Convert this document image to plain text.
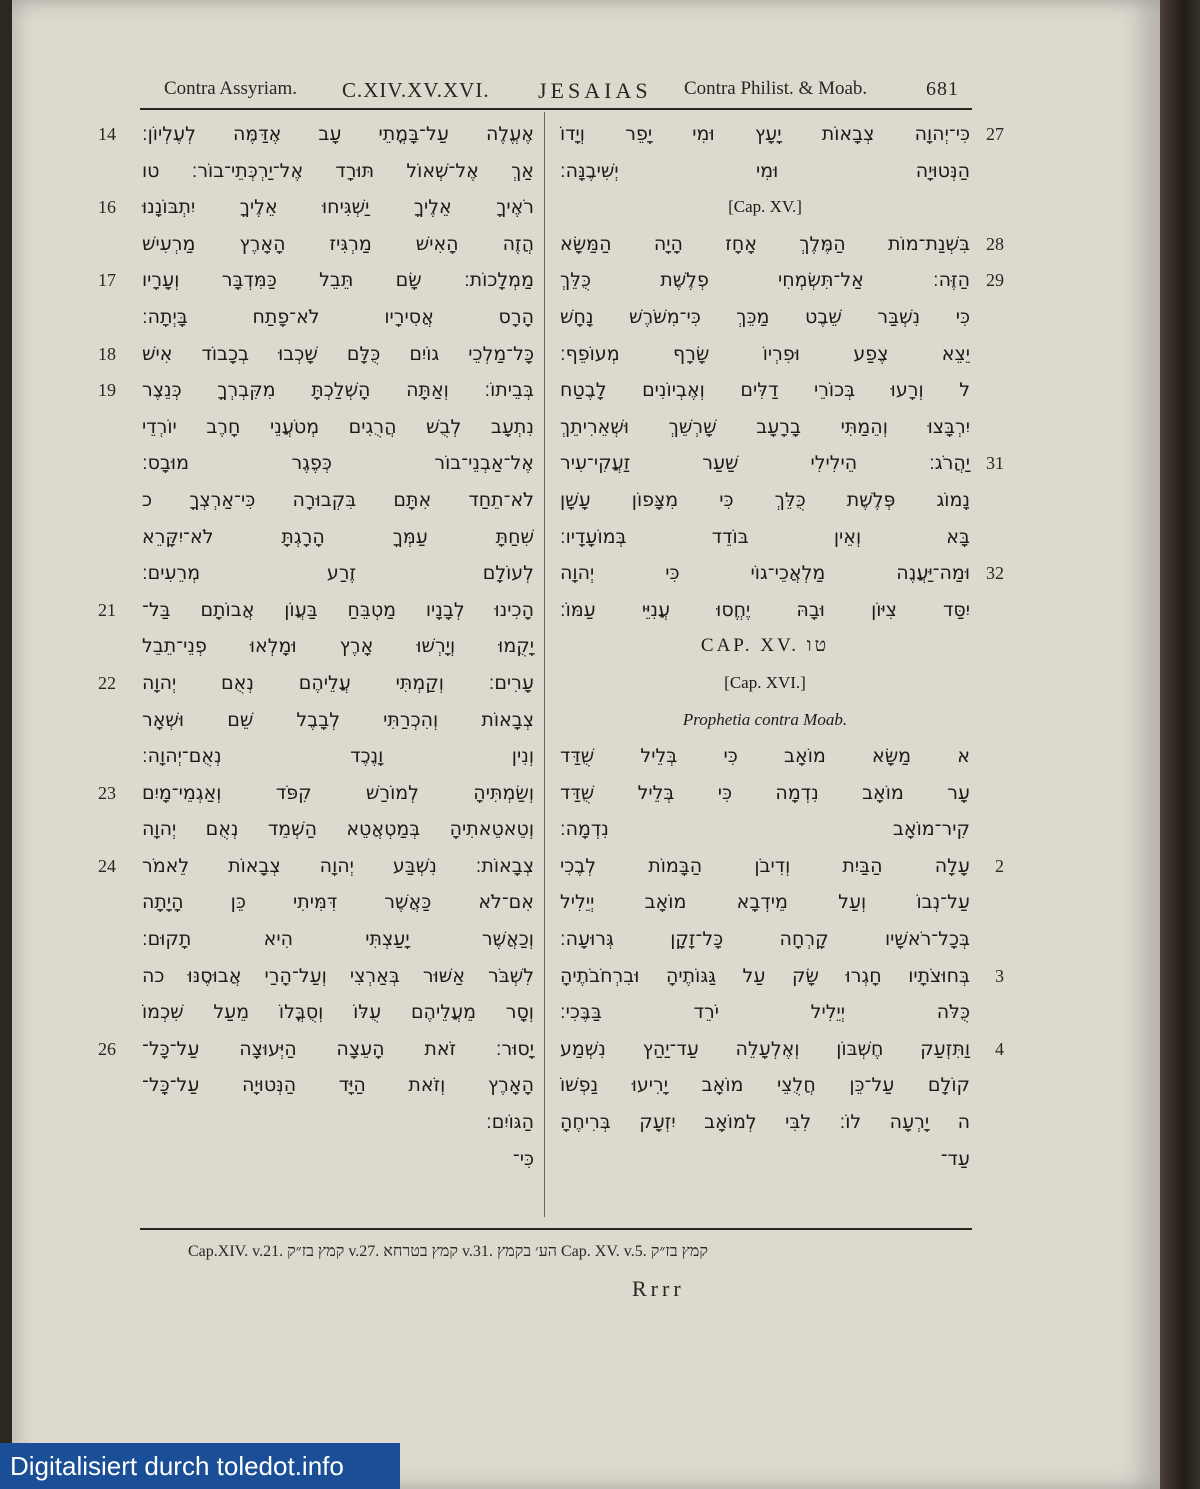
Contra Assyriam. C.XIV.XV.XVI. JESAIAS Contra Philist. & Moab.	681
אֶעֱלֶה עַל־בָּמֳתֵי עָב אֶדַּמֶּה לְעֶלְיוֹן׃
14
אַךְ אֶל־שְׁאוֹל תּוּרָד אֶל־יַרְכְּתֵי־בוֹר׃ טו
רֹאֶיךָ אֵלֶיךָ יַשְׁגִּיחוּ אֵלֶיךָ יִתְבּוֹנָנוּ
16
הֲזֶה הָאִישׁ מַרְגִּיז הָאָרֶץ מַרְעִישׁ
מַמְלָכוֹת׃ שָׂם תֵּבֵל כַּמִּדְבָּר וְעָרָיו
17
הָרָס אֲסִירָיו לֹא־פָתַח בָּיְתָה׃
כָּל־מַלְכֵי גוֹיִם כֻּלָּם שָׁכְבוּ בְכָבוֹד אִישׁ
18
בְּבֵיתוֹ׃ וְאַתָּה הָשְׁלַכְתָּ מִקִּבְרְךָ כְּנֵצֶר
19
נִתְעָב לְבֻשׁ הֲרֻגִים מְטֹעֲנֵי חָרֶב יוֹרְדֵי
אֶל־אַבְנֵי־בוֹר כְּפֶגֶר מוּבָס׃
לֹא־תֵחַד אִתָּם בִּקְבוּרָה כִּי־אַרְצְךָ כ
שִׁחַתָּ עַמְּךָ הָרָגְתָּ לֹא־יִקָּרֵא
לְעוֹלָם זֶרַע מְרֵעִים׃
הָכִינוּ לְבָנָיו מַטְבֵּחַ בַּעֲוֹן אֲבוֹתָם בַּל־
21
יָקֻמוּ וְיָרְשׁוּ אָרֶץ וּמָלְאוּ פְנֵי־תֵבֵל
עָרִים׃ וְקַמְתִּי עֲלֵיהֶם נְאֻם יְהוָה
22
צְבָאוֹת וְהִכְרַתִּי לְבָבֶל שֵׁם וּשְׁאָר
וְנִין וָנֶכֶד נְאֻם־יְהוָה׃
וְשַׂמְתִּיהָ לְמוֹרַשׁ קִפֹּד וְאַגְמֵי־מָיִם
23
וְטֵאטֵאתִיהָ בְּמַטְאֲטֵא הַשְׁמֵד נְאֻם יְהוָה
צְבָאוֹת׃ נִשְׁבַּע יְהוָה צְבָאוֹת לֵאמֹר
24
אִם־לֹא כַּאֲשֶׁר דִּמִּיתִי כֵּן הָיָתָה
וְכַאֲשֶׁר יָעַצְתִּי הִיא תָקוּם׃
לִשְׁבֹּר אַשּׁוּר בְּאַרְצִי וְעַל־הָרַי אֲבוּסֶנּוּ כה
וְסָר מֵעֲלֵיהֶם עֻלּוֹ וְסֻבֳּלוֹ מֵעַל שִׁכְמוֹ
יָסוּר׃ זֹאת הָעֵצָה הַיְּעוּצָה עַל־כָּל־
26
הָאָרֶץ וְזֹאת הַיָּד הַנְּטוּיָה עַל־כָּל־
הַגּוֹיִם׃
כִּי־
כִּי־יְהוָה צְבָאוֹת יָעָץ וּמִי יָפֵר וְיָדוֹ 27
הַנְּטוּיָה וּמִי יְשִׁיבֶנָּה׃
[Cap. XV.]
בִּשְׁנַת־מוֹת הַמֶּלֶךְ אָחָז הָיָה הַמַּשָּׂא 28
הַזֶּה׃ אַל־תִּשְׂמְחִי פְלֶשֶׁת כֻּלֵּךְ 29
כִּי נִשְׁבַּר שֵׁבֶט מַכֵּךְ כִּי־מִשֹּׁרֶשׁ נָחָשׁ
יֵצֵא צֶפַע וּפִרְיוֹ שָׂרָף מְעוֹפֵף׃
ל וְרָעוּ בְּכוֹרֵי דַלִּים וְאֶבְיוֹנִים לָבֶטַח
יִרְבָּצוּ וְהֵמַתִּי בָרָעָב שָׁרְשֵׁךְ וּשְׁאֵרִיתֵךְ
יַהֲרֹג׃ הֵילִילִי שַׁעַר זַעֲקִי־עִיר 31
נָמוֹג פְּלֶשֶׁת כֻּלֵּךְ כִּי מִצָּפוֹן עָשָׁן
בָּא וְאֵין בּוֹדֵד בְּמוֹעָדָיו׃
וּמַה־יַּעֲנֶה מַלְאֲכֵי־גוֹי כִּי יְהוָה 32
יִסַּד צִיּוֹן וּבָהּ יֶחֱסוּ עֲנִיֵּי עַמּוֹ׃
CAP. XV. טו
[Cap. XVI.]
Prophetia contra Moab.
א מַשָּׂא מוֹאָב כִּי בְּלֵיל שֻׁדַּד
עָר מוֹאָב נִדְמָה כִּי בְּלֵיל שֻׁדַּד
קִיר־מוֹאָב נִדְמָה׃
עָלָה הַבַּיִת וְדִיבֹן הַבָּמוֹת לְבֶכִי 2
עַל־נְבוֹ וְעַל מֵידְבָא מוֹאָב יְיֵלִיל
בְּכָל־רֹאשָׁיו קָרְחָה כָּל־זָקָן גְּרוּעָה׃
בְּחוּצֹתָיו חָגְרוּ שָׂק עַל גַּגּוֹתֶיהָ וּבִרְחֹבֹתֶיהָ 3
כֻּלֹּה יְיֵלִיל יֹרֵד בַּבֶּכִי׃
וַתִּזְעַק חֶשְׁבּוֹן וְאֶלְעָלֵה עַד־יַהַץ נִשְׁמַע 4
קוֹלָם עַל־כֵּן חֲלֻצֵי מוֹאָב יָרִיעוּ נַפְשׁוֹ
ה יָרְעָה לוֹ׃ לִבִּי לְמוֹאָב יִזְעָק בְּרִיחֶהָ
עַד־
Cap.XIV. v.21. קמץ בז״ק v.27. קמץ בטרחא v.31. הע׳ בקמץ Cap. XV. v.5. קמץ בז״ק
Rrrr
Digitalisiert durch toledot.info
